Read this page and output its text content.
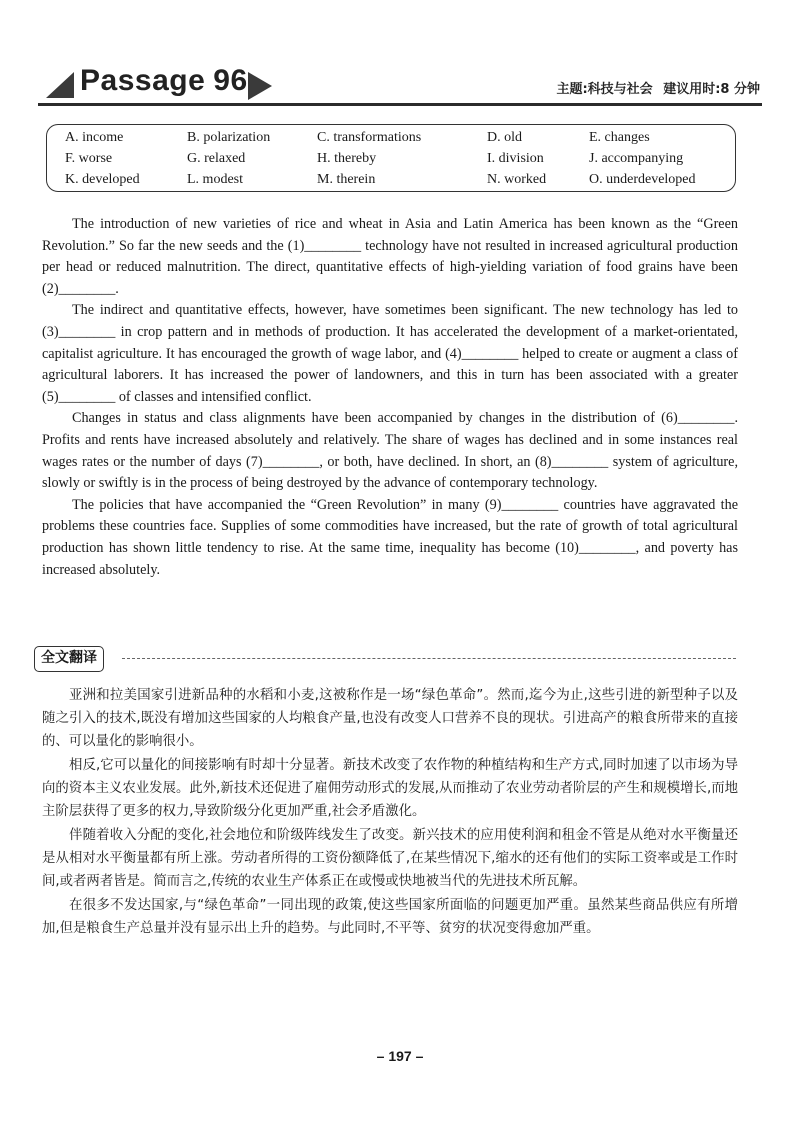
Passage 96	主题:科技与社会 建议用时:8 分钟
A. income	B. polarization	C. transformations	D. old	E. changes
F. worse	G. relaxed	H. thereby	I. division	J. accompanying
K. developed	L. modest	M. therein	N. worked	O. underdeveloped

The introduction of new varieties of rice and wheat in Asia and Latin America has been known as the “Green Revolution.” So far the new seeds and the (1)________ technology have not resulted in increased agricultural production per head or reduced malnutrition. The direct, quantitative effects of high-yielding variation of food grains have been (2)________.

The indirect and quantitative effects, however, have sometimes been significant. The new technology has led to (3)________ in crop pattern and in methods of production. It has accelerated the development of a market-orientated, capitalist agriculture. It has encouraged the growth of wage labor, and (4)________ helped to create or augment a class of agricultural laborers. It has increased the power of landowners, and this in turn has been associated with a greater (5)________ of classes and intensified conflict.

Changes in status and class alignments have been accompanied by changes in the distribution of (6)________. Profits and rents have increased absolutely and relatively. The share of wages has declined and in some instances real wages rates or the number of days (7)________, or both, have declined. In short, an (8)________ system of agriculture, slowly or swiftly is in the process of being destroyed by the advance of contemporary technology.

The policies that have accompanied the “Green Revolution” in many (9)________ countries have aggravated the problems these countries face. Supplies of some commodities have increased, but the rate of growth of total agricultural production has shown little tendency to rise. At the same time, inequality has become (10)________, and poverty has increased absolutely.

全文翻译

亚洲和拉美国家引进新品种的水稻和小麦,这被称作是一场“绿色革命”。然而,迄今为止,这些引进的新型种子以及随之引入的技术,既没有增加这些国家的人均粮食产量,也没有改变人口营养不良的现状。引进高产的粮食所带来的直接的、可以量化的影响很小。

相反,它可以量化的间接影响有时却十分显著。新技术改变了农作物的种植结构和生产方式,同时加速了以市场为导向的资本主义农业发展。此外,新技术还促进了雇佣劳动形式的发展,从而推动了农业劳动者阶层的产生和规模增长,而地主阶层获得了更多的权力,导致阶级分化更加严重,社会矛盾激化。

伴随着收入分配的变化,社会地位和阶级阵线发生了改变。新兴技术的应用使利润和租金不管是从绝对水平衡量还是从相对水平衡量都有所上涨。劳动者所得的工资份额降低了,在某些情况下,缩水的还有他们的实际工资率或是工作时间,或者两者皆是。简而言之,传统的农业生产体系正在或慢或快地被当代的先进技术所瓦解。

在很多不发达国家,与“绿色革命”一同出现的政策,使这些国家所面临的问题更加严重。虽然某些商品供应有所增加,但是粮食生产总量并没有显示出上升的趋势。与此同时,不平等、贫穷的状况变得愈加严重。

– 197 –
